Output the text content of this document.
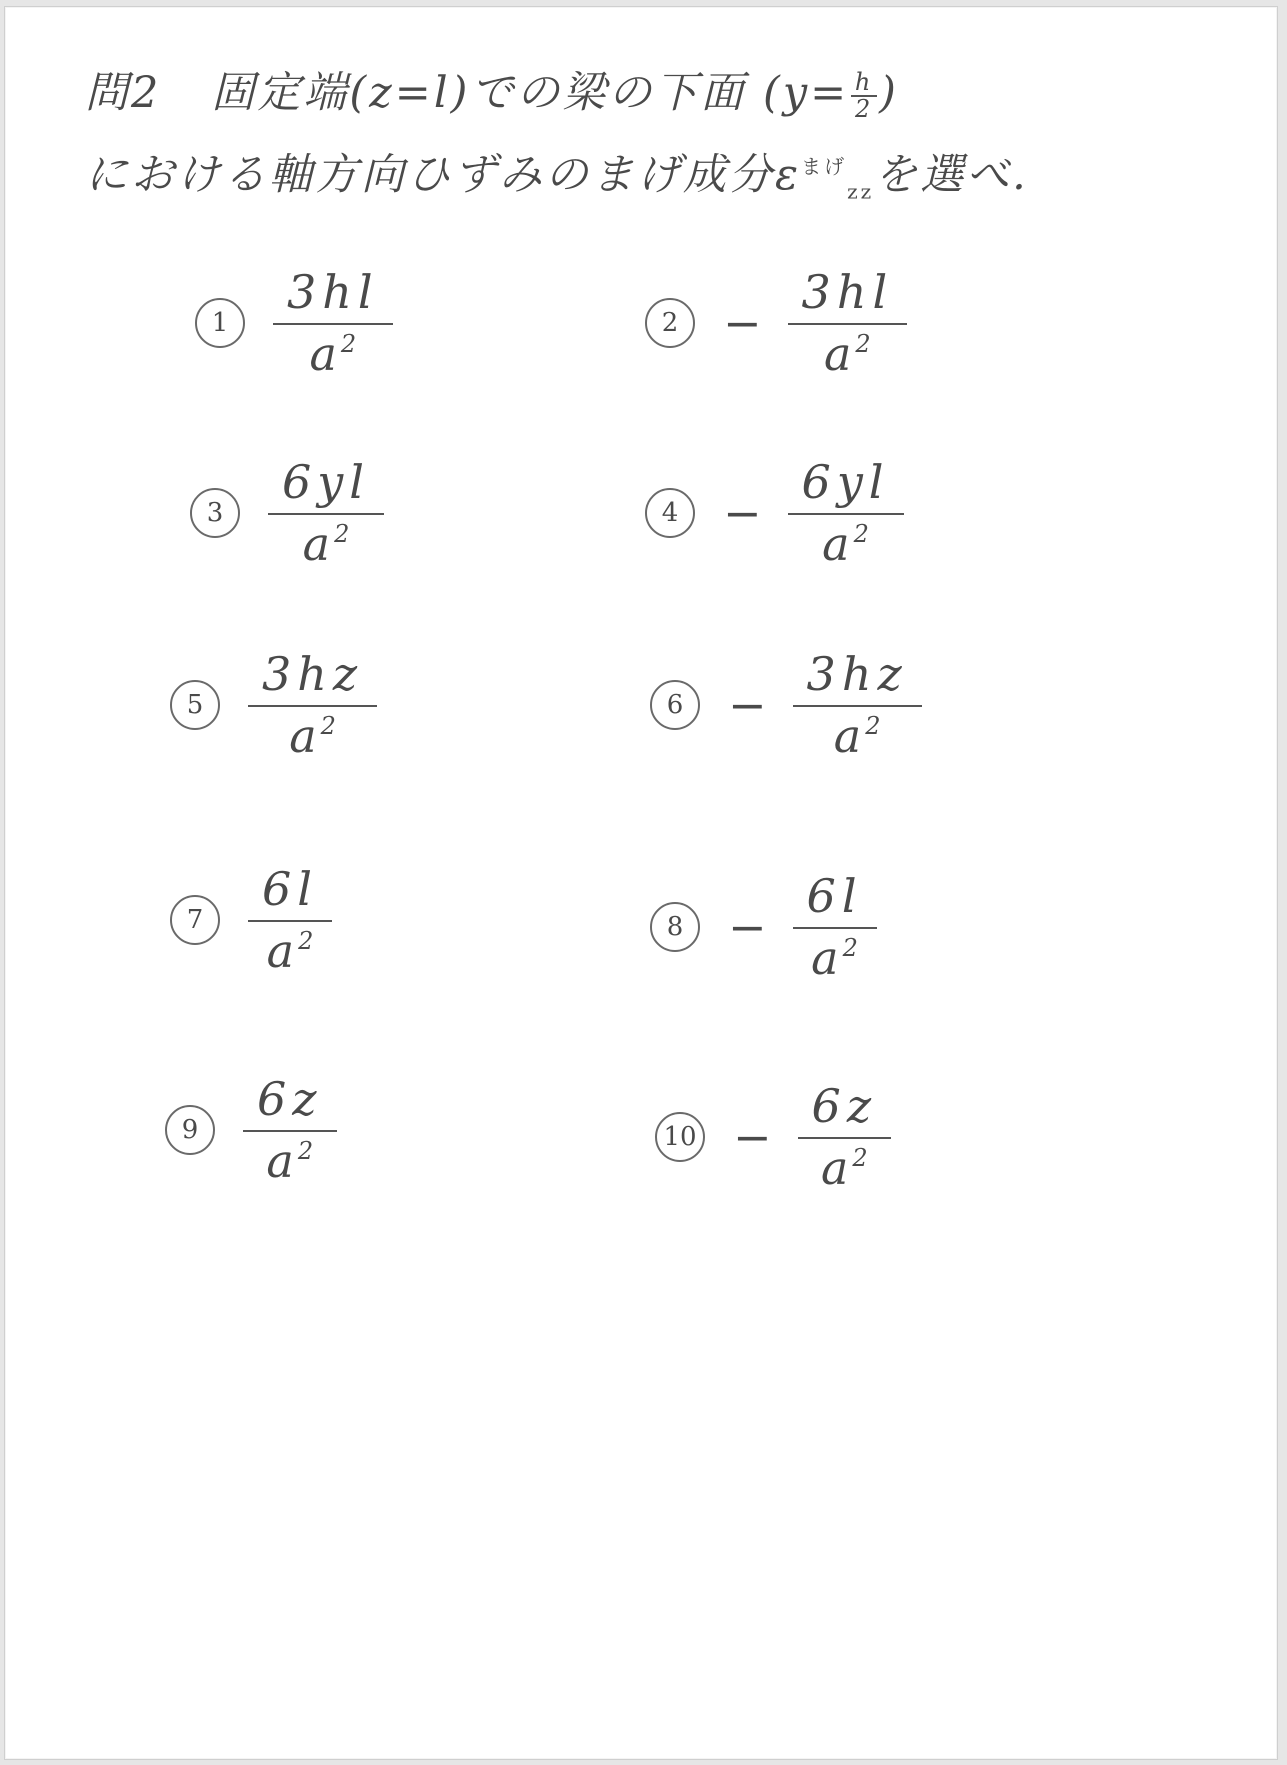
問2 固定端(z=l)での梁の下面 ($y= \frac{h}{2}$ )
における軸方向ひずみのまげ成分$\varepsilon^{まげ}_{zz}$を選べ.
$1 \frac{3hl}{a ^2}$	$2 - \frac{3hl}{a ^2}$
$3 \frac{6yl}{a ^2}$	$4 - \frac{6yl}{a ^2}$
$5 \frac{3hz}{a ^2}$	$6 - \frac{3hz}{a ^2}$
$7 \frac{6l}{a ^2}$	$8 - \frac{6l}{a ^2}$
$9 \frac{6z}{a ^2}$	$10 - \frac{6z}{a ^2}$
